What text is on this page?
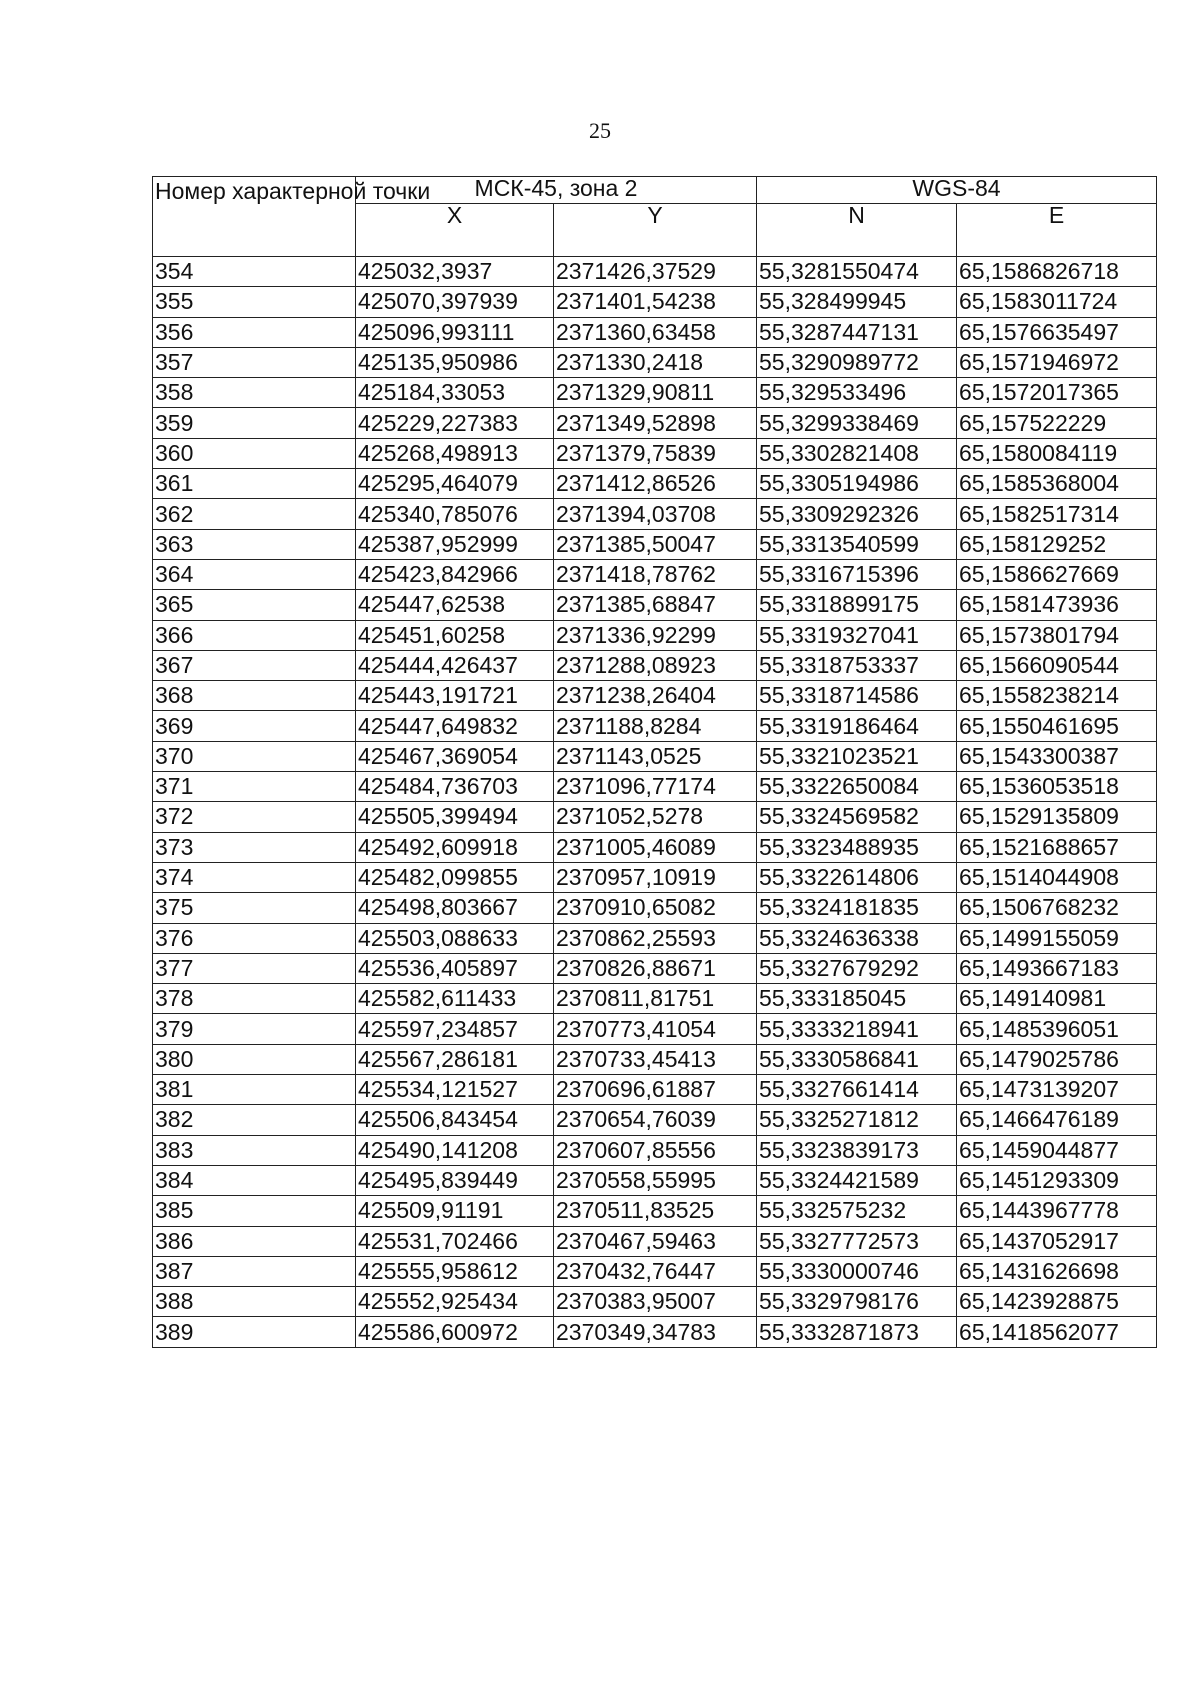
25
Номер характерной точки	МСК-45, зона 2		WGS-84	
	X	Y	N	E
354	425032,3937	2371426,37529	55,3281550474	65,1586826718
355	425070,397939	2371401,54238	55,328499945	65,1583011724
356	425096,993111	2371360,63458	55,3287447131	65,1576635497
357	425135,950986	2371330,2418	55,3290989772	65,1571946972
358	425184,33053	2371329,90811	55,329533496	65,1572017365
359	425229,227383	2371349,52898	55,3299338469	65,157522229
360	425268,498913	2371379,75839	55,3302821408	65,1580084119
361	425295,464079	2371412,86526	55,3305194986	65,1585368004
362	425340,785076	2371394,03708	55,3309292326	65,1582517314
363	425387,952999	2371385,50047	55,3313540599	65,158129252
364	425423,842966	2371418,78762	55,3316715396	65,1586627669
365	425447,62538	2371385,68847	55,3318899175	65,1581473936
366	425451,60258	2371336,92299	55,3319327041	65,1573801794
367	425444,426437	2371288,08923	55,3318753337	65,1566090544
368	425443,191721	2371238,26404	55,3318714586	65,1558238214
369	425447,649832	2371188,8284	55,3319186464	65,1550461695
370	425467,369054	2371143,0525	55,3321023521	65,1543300387
371	425484,736703	2371096,77174	55,3322650084	65,1536053518
372	425505,399494	2371052,5278	55,3324569582	65,1529135809
373	425492,609918	2371005,46089	55,3323488935	65,1521688657
374	425482,099855	2370957,10919	55,3322614806	65,1514044908
375	425498,803667	2370910,65082	55,3324181835	65,1506768232
376	425503,088633	2370862,25593	55,3324636338	65,1499155059
377	425536,405897	2370826,88671	55,3327679292	65,1493667183
378	425582,611433	2370811,81751	55,333185045	65,149140981
379	425597,234857	2370773,41054	55,3333218941	65,1485396051
380	425567,286181	2370733,45413	55,3330586841	65,1479025786
381	425534,121527	2370696,61887	55,3327661414	65,1473139207
382	425506,843454	2370654,76039	55,3325271812	65,1466476189
383	425490,141208	2370607,85556	55,3323839173	65,1459044877
384	425495,839449	2370558,55995	55,3324421589	65,1451293309
385	425509,91191	2370511,83525	55,332575232	65,1443967778
386	425531,702466	2370467,59463	55,3327772573	65,1437052917
387	425555,958612	2370432,76447	55,3330000746	65,1431626698
388	425552,925434	2370383,95007	55,3329798176	65,1423928875
389	425586,600972	2370349,34783	55,3332871873	65,1418562077
